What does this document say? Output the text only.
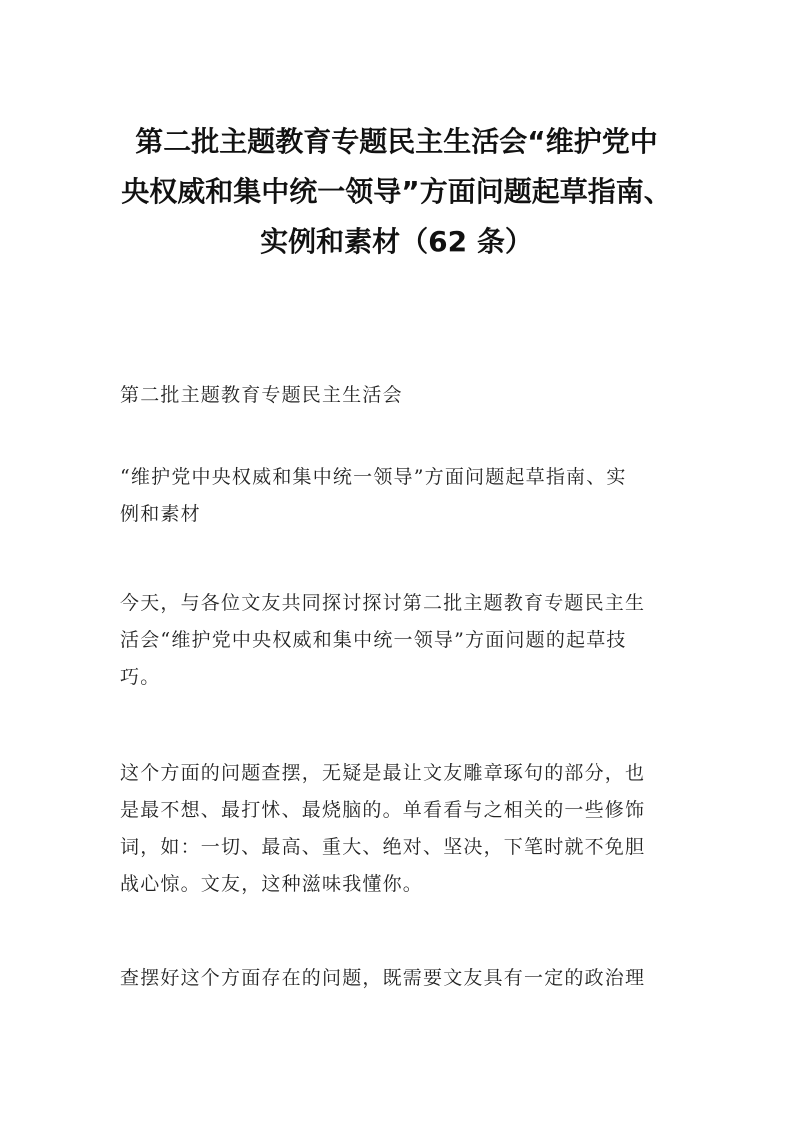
第二批主题教育专题民主生活会“维护党中
央权威和集中统一领导”方面问题起草指南、
实例和素材（62 条）

第二批主题教育专题民主生活会

“维护党中央权威和集中统一领导”方面问题起草指南、实
例和素材

今天，与各位文友共同探讨探讨第二批主题教育专题民主生
活会“维护党中央权威和集中统一领导”方面问题的起草技
巧。

这个方面的问题查摆，无疑是最让文友雕章琢句的部分，也
是最不想、最打怵、最烧脑的。单看看与之相关的一些修饰
词，如：一切、最高、重大、绝对、坚决，下笔时就不免胆
战心惊。文友，这种滋味我懂你。

查摆好这个方面存在的问题，既需要文友具有一定的政治理
